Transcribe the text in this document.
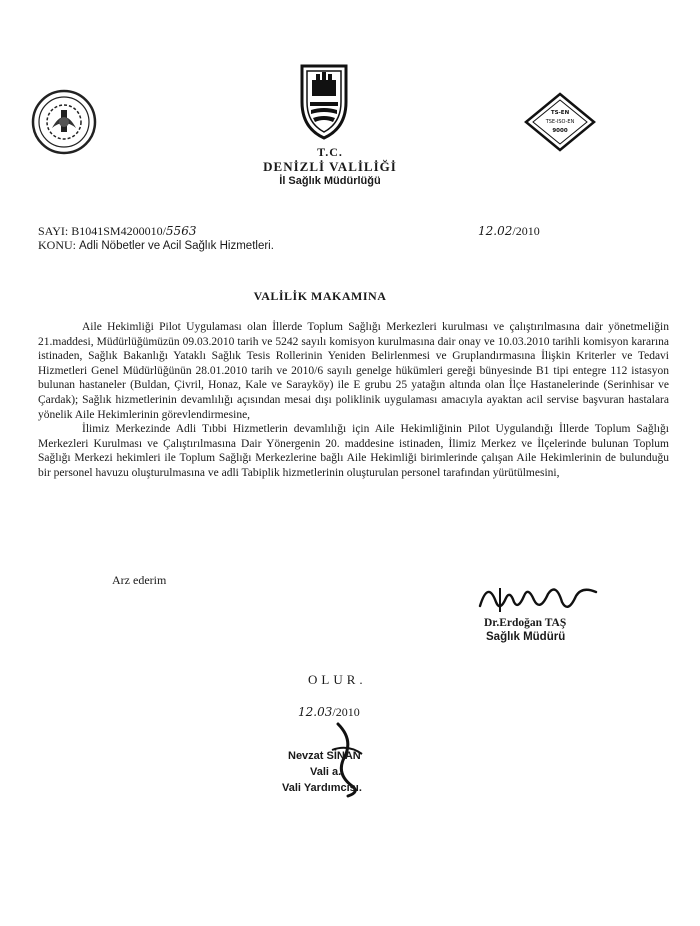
TS-EN
TSE-ISO-EN
9000
T.C.
DENİZLİ VALİLİĞİ
İl Sağlık Müdürlüğü
SAYI: B1041SM4200010/5563	12.02/2010
KONU: Adli Nöbetler ve Acil Sağlık Hizmetleri.
VALİLİK MAKAMINA

Aile Hekimliği Pilot Uygulaması olan İllerde Toplum Sağlığı Merkezleri kurulması ve çalıştırılmasına dair yönetmeliğin 21.maddesi, Müdürlüğümüzün 09.03.2010 tarih ve 5242 sayılı komisyon kurulmasına dair onay ve 10.03.2010 tarihli komisyon kararına istinaden, Sağlık Bakanlığı Yataklı Sağlık Tesis Rollerinin Yeniden Belirlenmesi ve Gruplandırmasına İlişkin Kriterler ve Tedavi Hizmetleri Genel Müdürlüğünün 28.01.2010 tarih ve 2010/6 sayılı genelge hükümleri gereği bünyesinde B1 tipi entegre 112 istasyon bulunan hastaneler (Buldan, Çivril, Honaz, Kale ve Sarayköy) ile E grubu 25 yatağın altında olan İlçe Hastanelerinde (Serinhisar ve Çardak); Sağlık hizmetlerinin devamlılığı açısından mesai dışı poliklinik uygulaması amacıyla ayaktan acil servise başvuran hastalara yönelik Aile Hekimlerinin görevlendirmesine,

İlimiz Merkezinde Adli Tıbbi Hizmetlerin devamlılığı için Aile Hekimliğinin Pilot Uygulandığı İllerde Toplum Sağlığı Merkezleri Kurulması ve Çalıştırılmasına Dair Yönergenin 20. maddesine istinaden, İlimiz Merkez ve İlçelerinde bulunan Toplum Sağlığı Merkezi hekimleri ile Toplum Sağlığı Merkezlerine bağlı Aile Hekimliği birimlerinde çalışan Aile Hekimlerinin de bulunduğu bir personel havuzu oluşturulmasına ve adli Tabiplik hizmetlerinin oluşturulan personel tarafından yürütülmesini,

Arz ederim
Dr.Erdoğan TAŞ
Sağlık Müdürü
OLUR.
12.03/2010
Nevzat SİNAN
Vali a.
Vali Yardımcısı.
